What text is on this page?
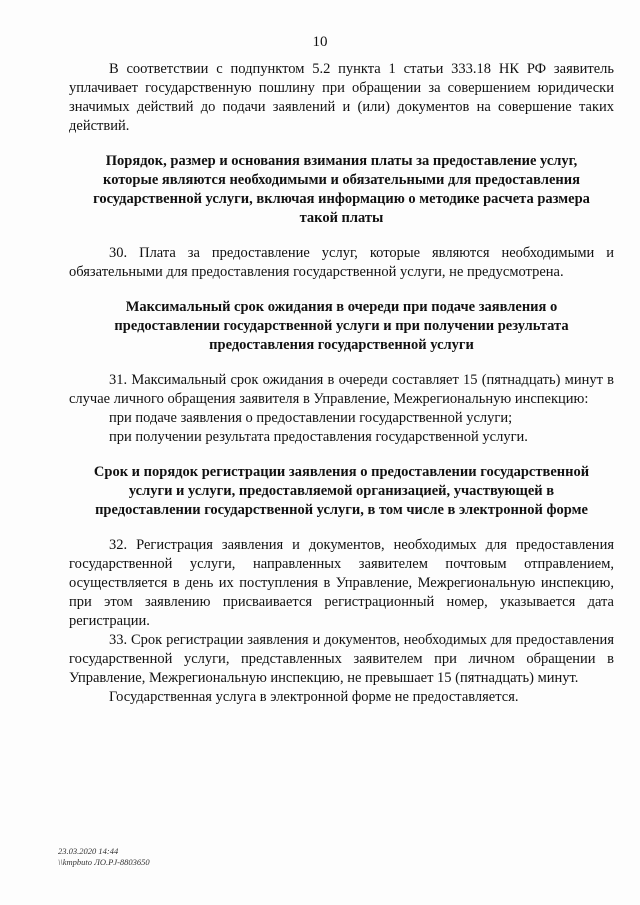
10

В соответствии с подпунктом 5.2 пункта 1 статьи 333.18 НК РФ заявитель уплачивает государственную пошлину при обращении за совершением юридически значимых действий до подачи заявлений и (или) документов на совершение таких действий.

Порядок, размер и основания взимания платы за предоставление услуг, которые являются необходимыми и обязательными для предоставления государственной услуги, включая информацию о методике расчета размера такой платы

30. Плата за предоставление услуг, которые являются необходимыми и обязательными для предоставления государственной услуги, не предусмотрена.

Максимальный срок ожидания в очереди при подаче заявления о предоставлении государственной услуги и при получении результата предоставления государственной услуги

31. Максимальный срок ожидания в очереди составляет 15 (пятнадцать) минут в случае личного обращения заявителя в Управление, Межрегиональную инспекцию:

при подаче заявления о предоставлении государственной услуги;

при получении результата предоставления государственной услуги.

Срок и порядок регистрации заявления о предоставлении государственной услуги и услуги, предоставляемой организацией, участвующей в предоставлении государственной услуги, в том числе в электронной форме

32. Регистрация заявления и документов, необходимых для предоставления государственной услуги, направленных заявителем почтовым отправлением, осуществляется в день их поступления в Управление, Межрегиональную инспекцию, при этом заявлению присваивается регистрационный номер, указывается дата регистрации.

33. Срок регистрации заявления и документов, необходимых для предоставления государственной услуги, представленных заявителем при личном обращении в Управление, Межрегиональную инспекцию, не превышает 15 (пятнадцать) минут.

Государственная услуга в электронной форме не предоставляется.

23.03.2020 14:44
\\kmpbuto ЛО.РJ-8803650
